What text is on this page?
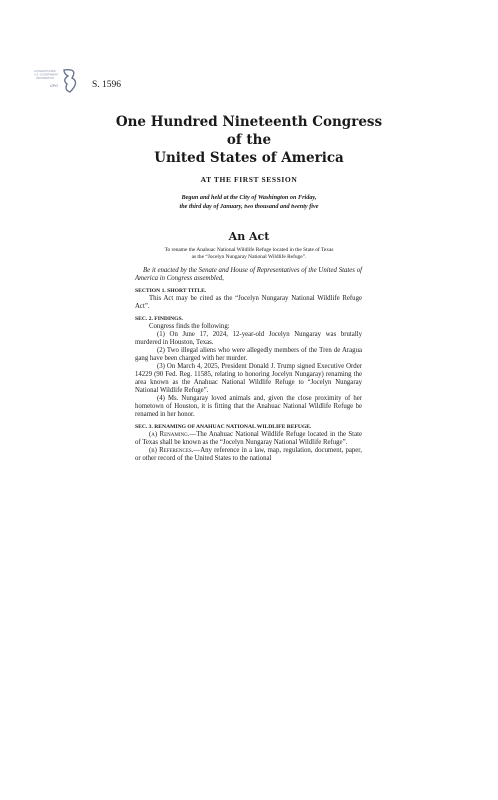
AUTHENTICATED
U.S. GOVERNMENT
INFORMATION
GPO	S. 1596
One Hundred Nineteenth Congress
of the
United States of America
AT THE FIRST SESSION
Begun and held at the City of Washington on Friday,
the third day of January, two thousand and twenty five
An Act
To rename the Anahuac National Wildlife Refuge located in the State of Texas
as the “Jocelyn Nungaray National Wildlife Refuge”.

Be it enacted by the Senate and House of Representatives of the United States of America in Congress assembled,

SECTION 1. SHORT TITLE.

This Act may be cited as the “Jocelyn Nungaray National Wildlife Refuge Act”.

SEC. 2. FINDINGS.

Congress finds the following:

(1) On June 17, 2024, 12-year-old Jocelyn Nungaray was brutally murdered in Houston, Texas.

(2) Two illegal aliens who were allegedly members of the Tren de Aragua gang have been charged with her murder.

(3) On March 4, 2025, President Donald J. Trump signed Executive Order 14229 (90 Fed. Reg. 11585, relating to honoring Jocelyn Nungaray) renaming the area known as the Anahuac National Wildlife Refuge to “Jocelyn Nungaray National Wildlife Refuge”.

(4) Ms. Nungaray loved animals and, given the close proximity of her hometown of Houston, it is fitting that the Anahuac National Wildlife Refuge be renamed in her honor.

SEC. 3. RENAMING OF ANAHUAC NATIONAL WILDLIFE REFUGE.

(a) Renaming.—The Anahuac National Wildlife Refuge located in the State of Texas shall be known as the “Jocelyn Nungaray National Wildlife Refuge”.

(b) References.—Any reference in a law, map, regulation, document, paper, or other record of the United States to the national
